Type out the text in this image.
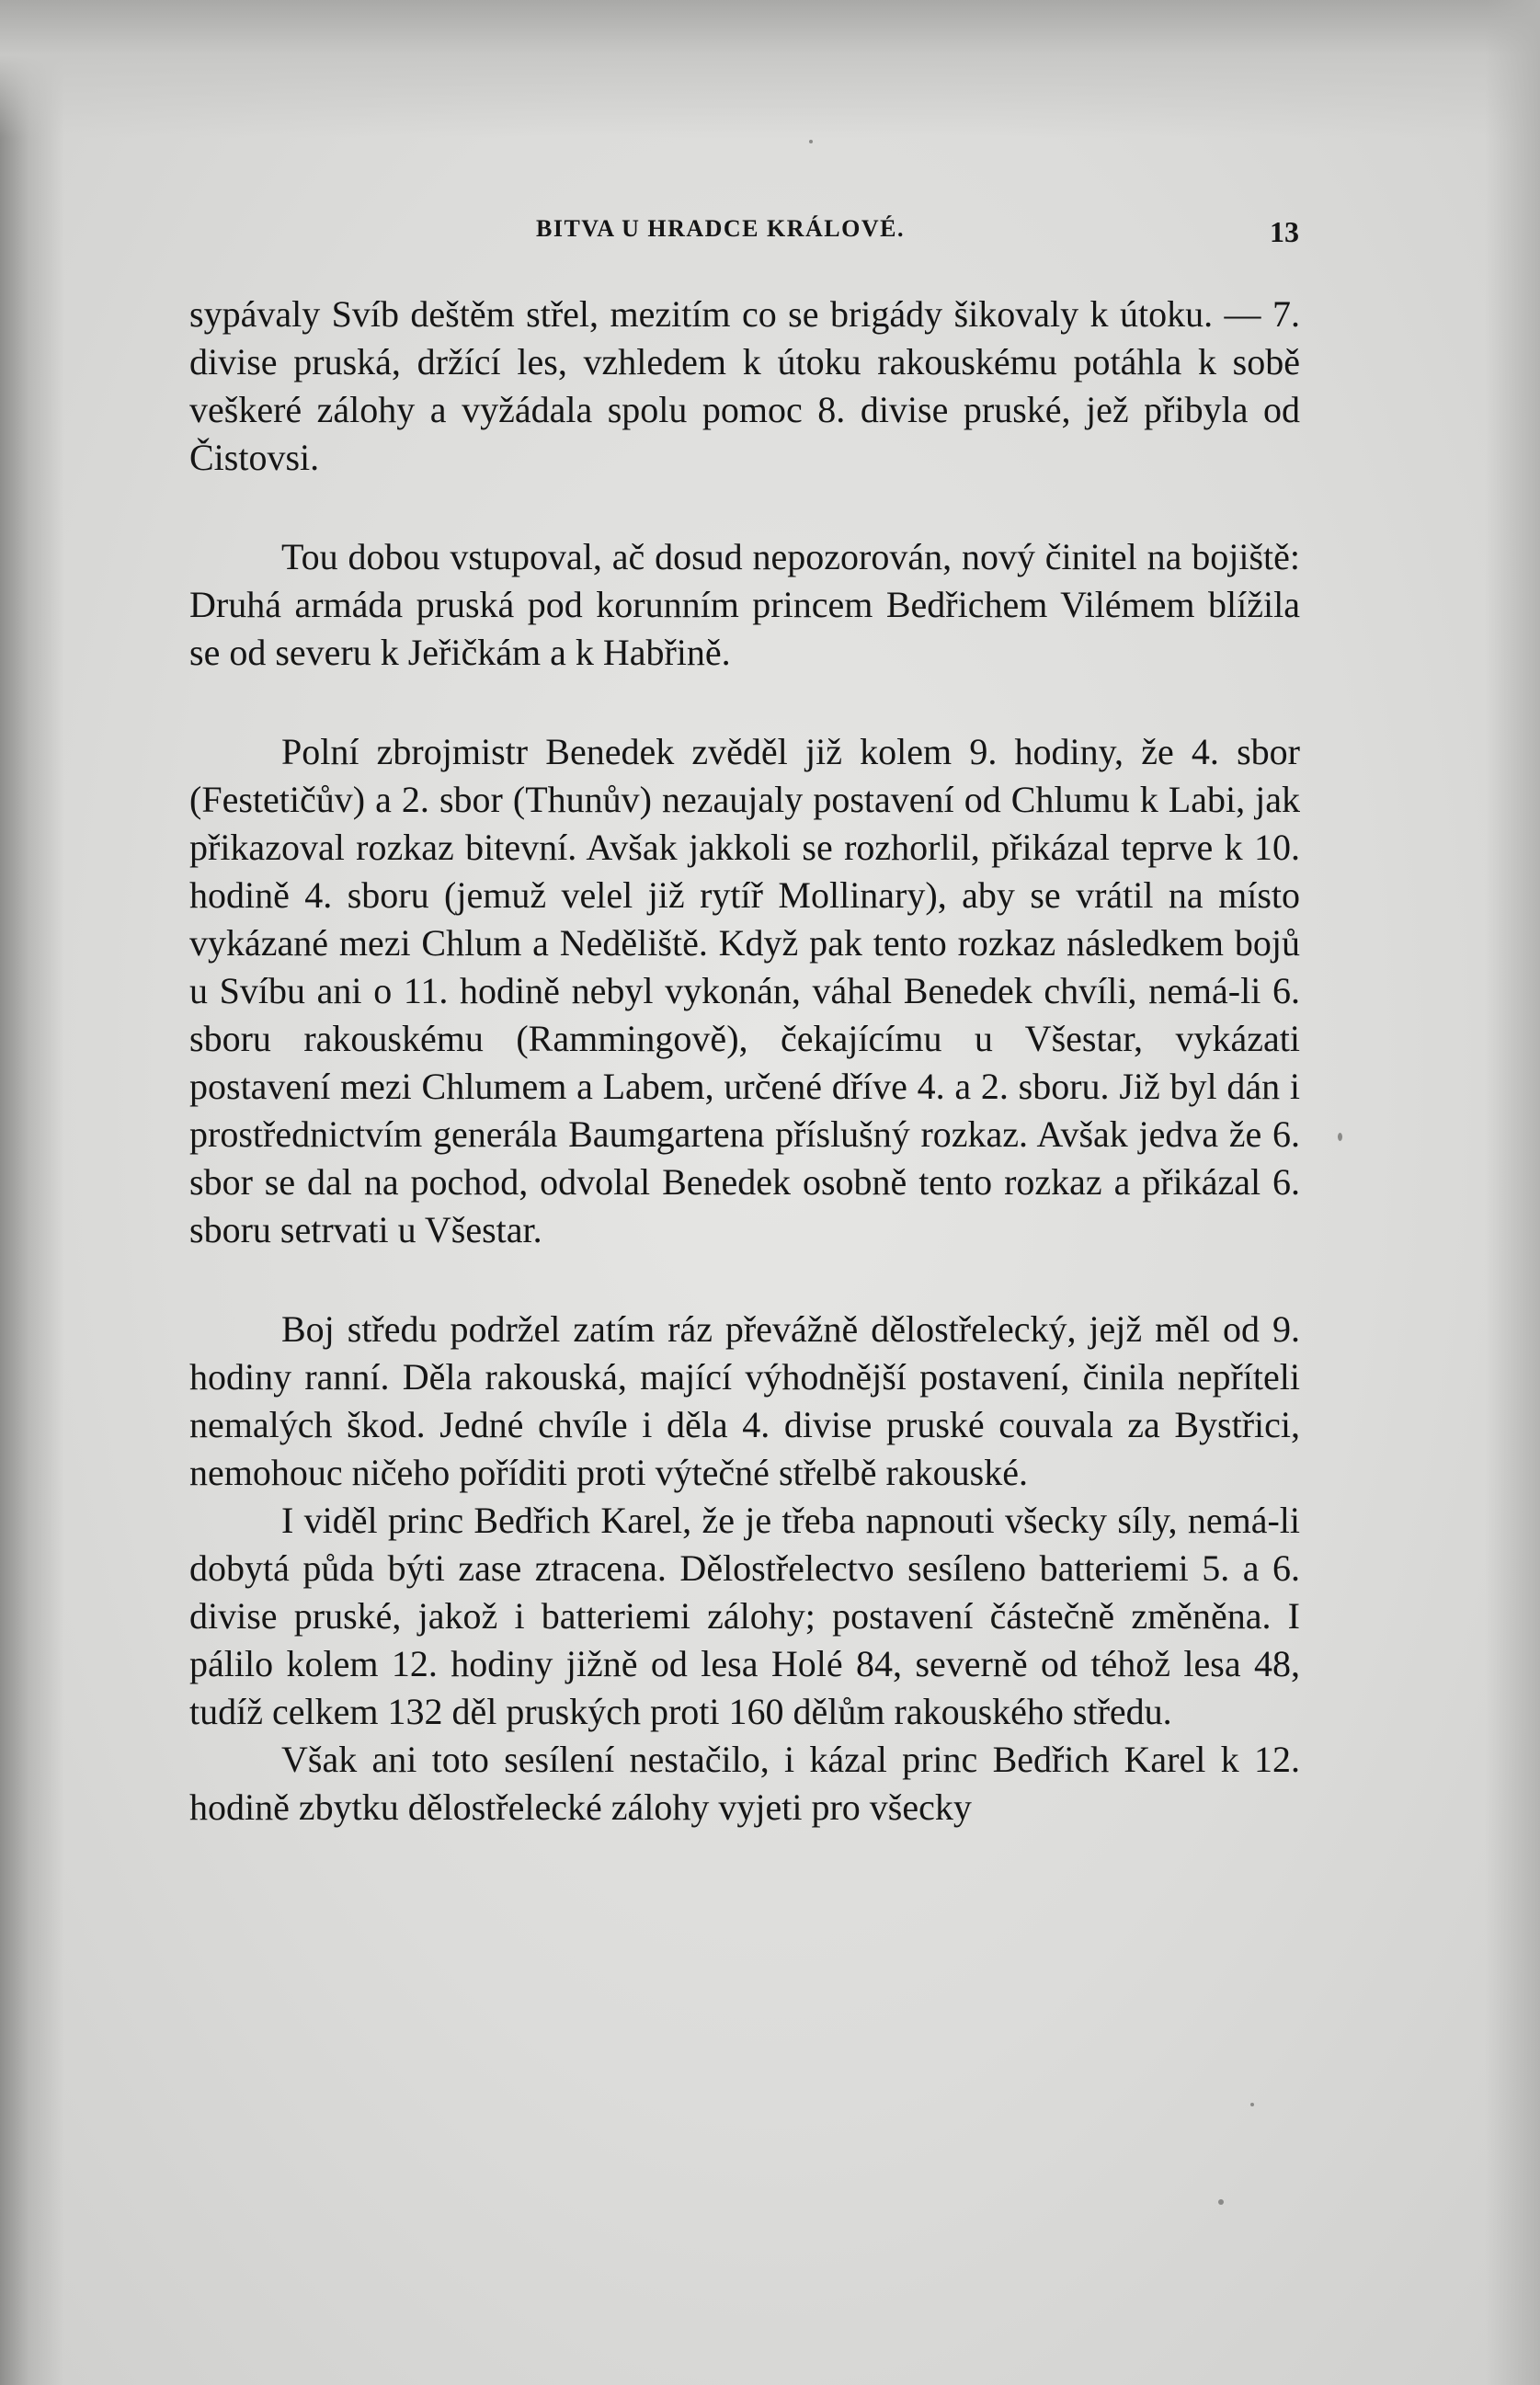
BITVA U HRADCE KRÁLOVÉ.	13

sypávaly Svíb deštěm střel, mezitím co se brigády šikovaly k útoku. — 7. divise pruská, držící les, vzhledem k útoku rakouskému potáhla k sobě veškeré zálohy a vyžádala spolu pomoc 8. divise pruské, jež přibyla od Čistovsi.

Tou dobou vstupoval, ač dosud nepozorován, nový činitel na bojiště: Druhá armáda pruská pod korunním princem Bedřichem Vilémem blížila se od severu k Jeřičkám a k Habřině.

Polní zbrojmistr Benedek zvěděl již kolem 9. hodiny, že 4. sbor (Festetičův) a 2. sbor (Thunův) nezaujaly postavení od Chlumu k Labi, jak přikazoval rozkaz bitevní. Avšak jakkoli se rozhorlil, přikázal teprve k 10. hodině 4. sboru (jemuž velel již rytíř Mollinary), aby se vrátil na místo vykázané mezi Chlum a Neděliště. Když pak tento rozkaz následkem bojů u Svíbu ani o 11. hodině nebyl vykonán, váhal Benedek chvíli, nemá-li 6. sboru rakouskému (Rammingově), čekajícímu u Všestar, vykázati postavení mezi Chlumem a Labem, určené dříve 4. a 2. sboru. Již byl dán i prostřednictvím generála Baumgartena příslušný rozkaz. Avšak jedva že 6. sbor se dal na pochod, odvolal Benedek osobně tento rozkaz a přikázal 6. sboru setrvati u Všestar.

Boj středu podržel zatím ráz převážně dělostřelecký, jejž měl od 9. hodiny ranní. Děla rakouská, mající výhodnější postavení, činila nepříteli nemalých škod. Jedné chvíle i děla 4. divise pruské couvala za Bystřici, nemohouc ničeho poříditi proti výtečné střelbě rakouské.

I viděl princ Bedřich Karel, že je třeba napnouti všecky síly, nemá-li dobytá půda býti zase ztracena. Dělostřelectvo sesíleno batteriemi 5. a 6. divise pruské, jakož i batteriemi zálohy; postavení částečně změněna. I pálilo kolem 12. hodiny jižně od lesa Holé 84, severně od téhož lesa 48, tudíž celkem 132 děl pruských proti 160 dělům rakouského středu.

Však ani toto sesílení nestačilo, i kázal princ Bedřich Karel k 12. hodině zbytku dělostřelecké zálohy vyjeti pro všecky
